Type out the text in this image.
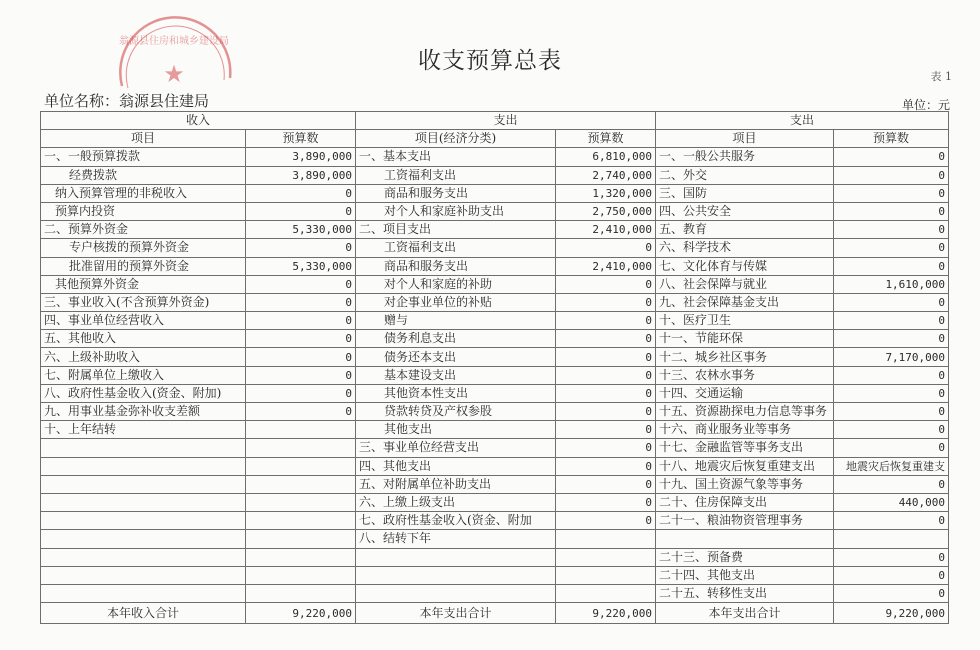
★
翁源县住房和城乡建设局
收支预算总表
表 1
单位名称：翁源县住建局	单位：元
收入		支出		支出	
项目	预算数	项目(经济分类)	预算数	项目	预算数
一、一般预算拨款	3,890,000	一、基本支出	6,810,000	一、一般公共服务	0
经费拨款	3,890,000	工资福利支出	2,740,000	二、外交	0
纳入预算管理的非税收入	0	商品和服务支出	1,320,000	三、国防	0
预算内投资	0	对个人和家庭补助支出	2,750,000	四、公共安全	0
二、预算外资金	5,330,000	二、项目支出	2,410,000	五、教育	0
专户核拨的预算外资金	0	工资福利支出	0	六、科学技术	0
批准留用的预算外资金	5,330,000	商品和服务支出	2,410,000	七、文化体育与传媒	0
其他预算外资金	0	对个人和家庭的补助	0	八、社会保障与就业	1,610,000
三、事业收入(不含预算外资金)	0	对企事业单位的补贴	0	九、社会保障基金支出	0
四、事业单位经营收入	0	赠与	0	十、医疗卫生	0
五、其他收入	0	债务利息支出	0	十一、节能环保	0
六、上级补助收入	0	债务还本支出	0	十二、城乡社区事务	7,170,000
七、附属单位上缴收入	0	基本建设支出	0	十三、农林水事务	0
八、政府性基金收入(资金、附加)	0	其他资本性支出	0	十四、交通运输	0
九、用事业基金弥补收支差额	0	贷款转贷及产权参股	0	十五、资源勘探电力信息等事务	0
十、上年结转		其他支出	0	十六、商业服务业等事务	0
		三、事业单位经营支出	0	十七、金融监管等事务支出	0
		四、其他支出	0	十八、地震灾后恢复重建支出	地震灾后恢复重建支
		五、对附属单位补助支出	0	十九、国土资源气象等事务	0
		六、上缴上级支出	0	二十、住房保障支出	440,000
		七、政府性基金收入(资金、附加	0	二十一、粮油物资管理事务	0
		八、结转下年			
				二十三、预备费	0
				二十四、其他支出	0
				二十五、转移性支出	0
本年收入合计	9,220,000	本年支出合计	9,220,000	本年支出合计	9,220,000
